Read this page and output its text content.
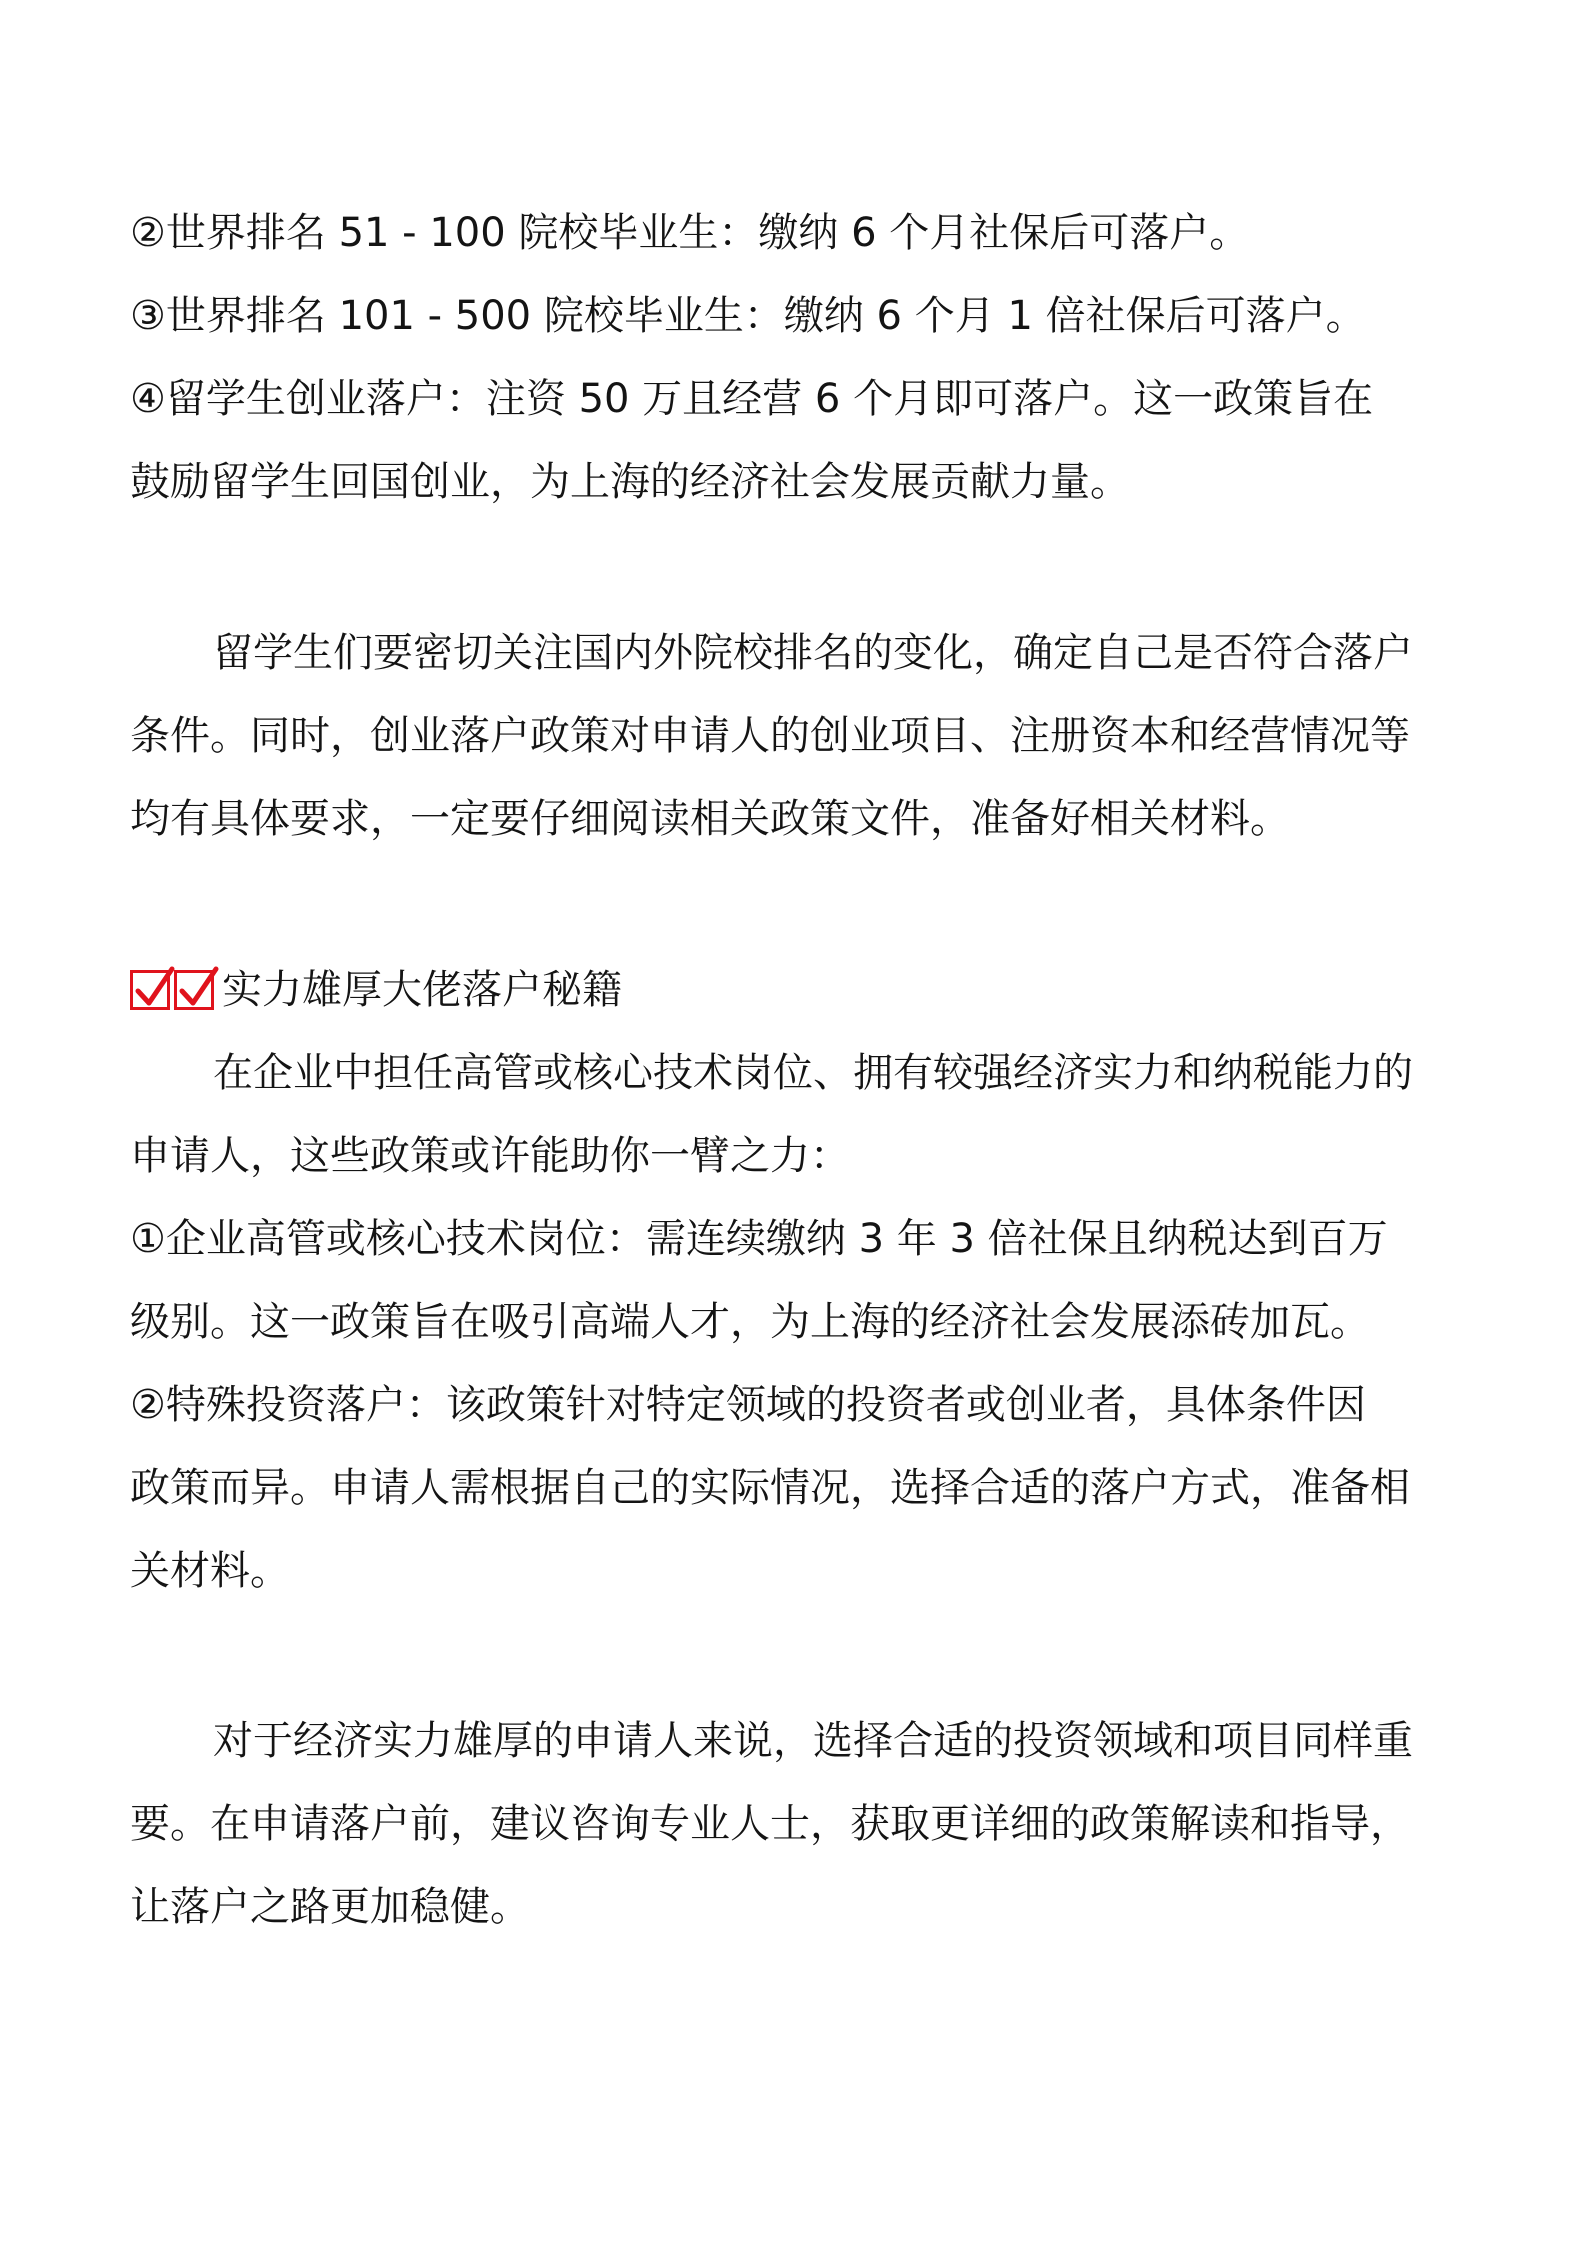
②世界排名 51 - 100 院校毕业生：缴纳 6 个月社保后可落户。
③世界排名 101 - 500 院校毕业生：缴纳 6 个月 1 倍社保后可落户。
④留学生创业落户：注资 50 万且经营 6 个月即可落户。这一政策旨在
鼓励留学生回国创业，为上海的经济社会发展贡献力量。
留学生们要密切关注国内外院校排名的变化，确定自己是否符合落户
条件。同时，创业落户政策对申请人的创业项目、注册资本和经营情况等
均有具体要求，一定要仔细阅读相关政策文件，准备好相关材料。
实力雄厚大佬落户秘籍
在企业中担任高管或核心技术岗位、拥有较强经济实力和纳税能力的
申请人，这些政策或许能助你一臂之力：
①企业高管或核心技术岗位：需连续缴纳 3 年 3 倍社保且纳税达到百万
级别。这一政策旨在吸引高端人才，为上海的经济社会发展添砖加瓦。
②特殊投资落户：该政策针对特定领域的投资者或创业者，具体条件因
政策而异。申请人需根据自己的实际情况，选择合适的落户方式，准备相
关材料。
对于经济实力雄厚的申请人来说，选择合适的投资领域和项目同样重
要。在申请落户前，建议咨询专业人士，获取更详细的政策解读和指导，
让落户之路更加稳健。
